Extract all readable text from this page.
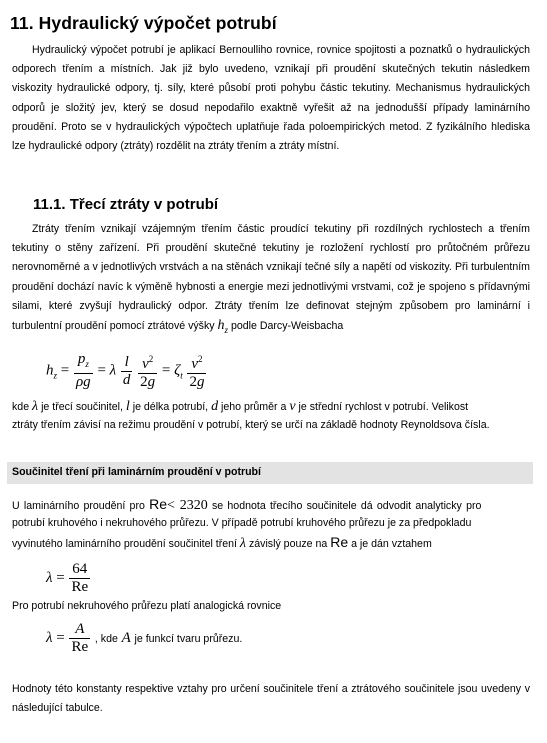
11. Hydraulický výpočet potrubí

Hydraulický výpočet potrubí je aplikací Bernoulliho rovnice, rovnice spojitosti a poznatků o hydraulických odporech třením a místních. Jak již bylo uvedeno, vznikají při proudění skutečných tekutin následkem viskozity hydraulické odpory, tj. síly, které působí proti pohybu částic tekutiny. Mechanismus hydraulických odporů je složitý jev, který se dosud nepodařilo exaktně vyřešit až na jednodušší případy laminárního proudění. Proto se v hydraulických výpočtech uplatňuje řada poloempirických metod. Z fyzikálního hlediska lze hydraulické odpory (ztráty) rozdělit na ztráty třením a ztráty místní.

11.1. Třecí ztráty v potrubí

Ztráty třením vznikají vzájemným třením částic proudící tekutiny při rozdílných rychlostech a třením tekutiny o stěny zařízení. Při proudění skutečné tekutiny je rozložení rychlostí pro průtočném průřezu nerovnoměrné a v jednotlivých vrstvách a na stěnách vznikají tečné síly a napětí od viskozity. Při turbulentním proudění dochází navíc k výměně hybnosti a energie mezi jednotlivými vrstvami, což je spojeno s přídavnými silami, které zvyšují hydraulický odpor. Ztráty třením lze definovat stejným způsobem pro laminární i turbulentní proudění pomocí ztrátové výšky $h_z$ podle Darcy-Weisbacha

$h_z = \frac{p_z}{\rho g} = \lambda \frac{l}{d}$
$\frac{v^2}{2g} = \zeta_t \frac{v^2}{2g}$
kde λ je třecí součinitel, l je délka potrubí, d jeho průměr a v je střední rychlost v potrubí. Velikost
ztráty třením závisí na režimu proudění v potrubí, který se určí na základě hodnoty Reynoldsova čísla.
Součinitel tření při laminárním proudění v potrubí
U laminárního proudění pro Re< 2320 se hodnota třecího součinitele dá odvodit analyticky pro
potrubí kruhového i nekruhového průřezu. V případě potrubí kruhového průřezu je za předpokladu
vyvinutého laminárního proudění součinitel tření λ závislý pouze na Re a je dán vztahem
$\lambda = \frac{64}{Re}$
Pro potrubí nekruhového průřezu platí analogická rovnice
$\lambda = \frac{A}{Re}$ , kde A je funkcí tvaru průřezu.

Hodnoty této konstanty respektive vztahy pro určení součinitele tření a ztrátového součinitele jsou uvedeny v následující tabulce.
